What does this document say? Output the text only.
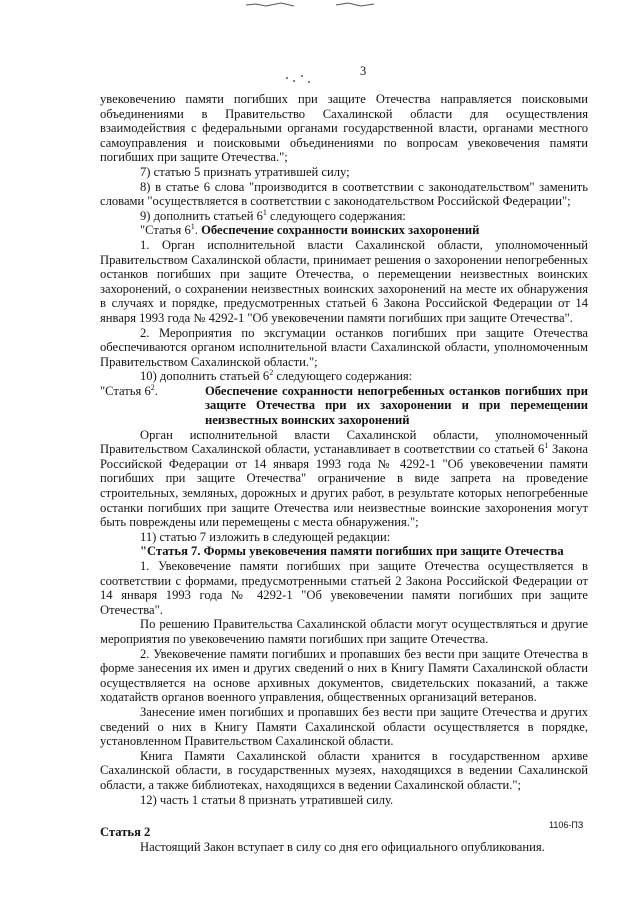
3

увековечению памяти погибших при защите Отечества направляется поисковыми объединениями в Правительство Сахалинской области для осуществления взаимодействия с федеральными органами государственной власти, органами местного самоуправления и поисковыми объединениями по вопросам увековечения памяти погибших при защите Отечества.";

7) статью 5 признать утратившей силу;

8) в статье 6 слова "производится в соответствии с законодательством" заменить словами "осуществляется в соответствии с законодательством Российской Федерации";

9) дополнить статьей $6^1$ следующего содержания:

"Статья $6^1$. Обеспечение сохранности воинских захоронений

1. Орган исполнительной власти Сахалинской области, уполномоченный Правительством Сахалинской области, принимает решения о захоронении непогребенных останков погибших при защите Отечества, о перемещении неизвестных воинских захоронений, о сохранении неизвестных воинских захоронений на месте их обнаружения в случаях и порядке, предусмотренных статьей 6 Закона Российской Федерации от 14 января 1993 года № 4292-1 "Об увековечении памяти погибших при защите Отечества".

2. Мероприятия по эксгумации останков погибших при защите Отечества обеспечиваются органом исполнительной власти Сахалинской области, уполномоченным Правительством Сахалинской области.";

10) дополнить статьей $6^2$ следующего содержания:

"Статья $6^2$.	Обеспечение сохранности непогребенных останков погибших при защите Отечества при их захоронении и при перемещении неизвестных воинских захоронений

Орган исполнительной власти Сахалинской области, уполномоченный Правительством Сахалинской области, устанавливает в соответствии со статьей $6^1$ Закона Российской Федерации от 14 января 1993 года № 4292-1 "Об увековечении памяти погибших при защите Отечества" ограничение в виде запрета на проведение строительных, земляных, дорожных и других работ, в результате которых непогребенные останки погибших при защите Отечества или неизвестные воинские захоронения могут быть повреждены или перемещены с места обнаружения.";

11) статью 7 изложить в следующей редакции:

"Статья 7. Формы увековечения памяти погибших при защите Отечества

1. Увековечение памяти погибших при защите Отечества осуществляется в соответствии с формами, предусмотренными статьей 2 Закона Российской Федерации от 14 января 1993 года № 4292-1 "Об увековечении памяти погибших при защите Отечества".

По решению Правительства Сахалинской области могут осуществляться и другие мероприятия по увековечению памяти погибших при защите Отечества.

2. Увековечение памяти погибших и пропавших без вести при защите Отечества в форме занесения их имен и других сведений о них в Книгу Памяти Сахалинской области осуществляется на основе архивных документов, свидетельских показаний, а также ходатайств органов военного управления, общественных организаций ветеранов.

Занесение имен погибших и пропавших без вести при защите Отечества и других сведений о них в Книгу Памяти Сахалинской области осуществляется в порядке, установленном Правительством Сахалинской области.

Книга Памяти Сахалинской области хранится в государственном архиве Сахалинской области, в государственных музеях, находящихся в ведении Сахалинской области, а также библиотеках, находящихся в ведении Сахалинской области.";

12) часть 1 статьи 8 признать утратившей силу.

Статья 2

Настоящий Закон вступает в силу со дня его официального опубликования.

1106-ПЗ
